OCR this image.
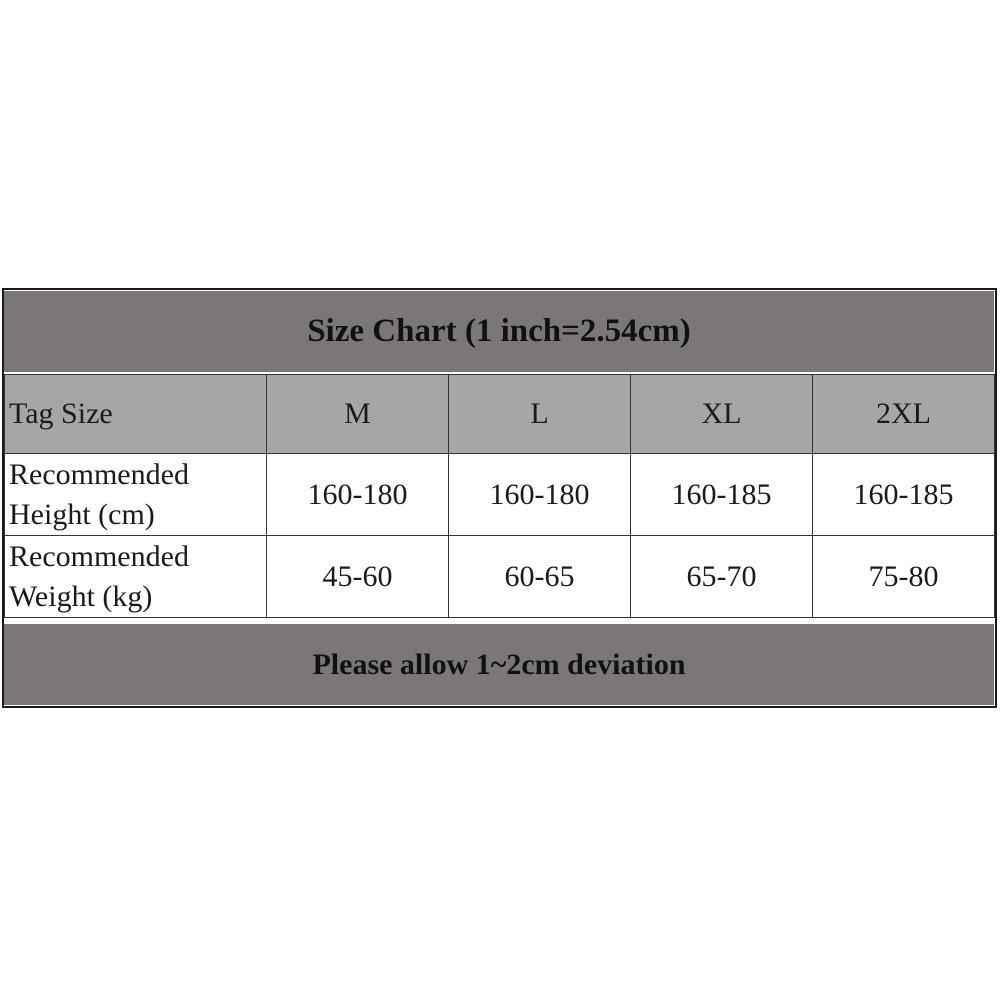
Size Chart (1 inch=2.54cm)
Tag Size	M	L	XL	2XL

Recommended
Height (cm)	160-180	160-180	160-185	160-185

Recommended
Weight (kg)	45-60	60-65	65-70	75-80
Please allow 1~2cm deviation
